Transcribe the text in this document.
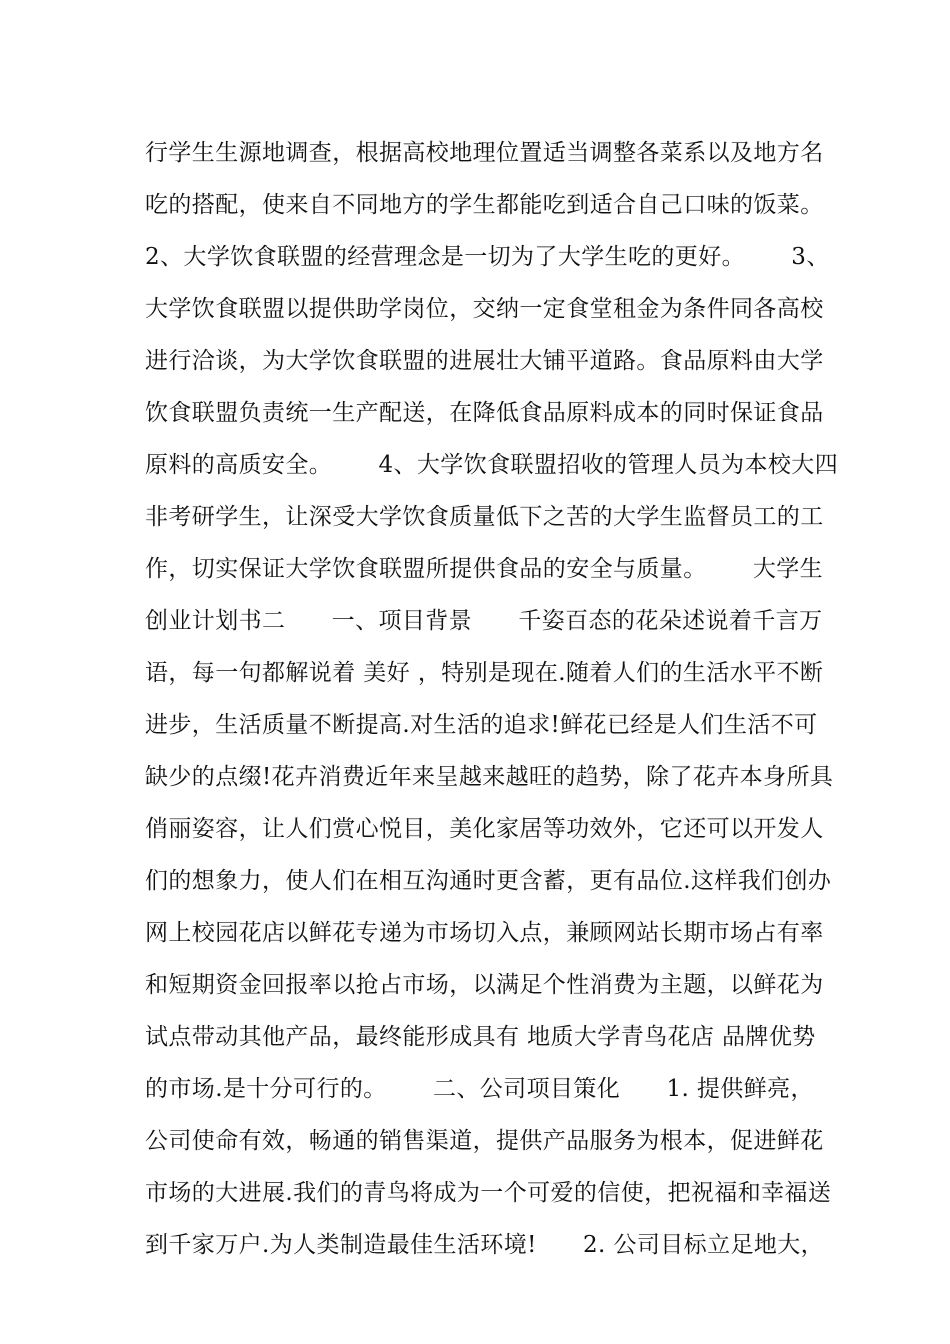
行学生生源地调查，根据高校地理位置适当调整各菜系以及地方名
吃的搭配，使来自不同地方的学生都能吃到适合自己口味的饭菜。
2、大学饮食联盟的经营理念是一切为了大学生吃的更好。      3、
大学饮食联盟以提供助学岗位，交纳一定食堂租金为条件同各高校
进行洽谈，为大学饮食联盟的进展壮大铺平道路。食品原料由大学
饮食联盟负责统一生产配送，在降低食品原料成本的同时保证食品
原料的高质安全。      4、大学饮食联盟招收的管理人员为本校大四
非考研学生，让深受大学饮食质量低下之苦的大学生监督员工的工
作，切实保证大学饮食联盟所提供食品的安全与质量。      大学生
创业计划书二      一、项目背景      千姿百态的花朵述说着千言万
语，每一句都解说着 美好 ，特别是现在.随着人们的生活水平不断
进步，生活质量不断提高.对生活的追求!鲜花已经是人们生活不可
缺少的点缀!花卉消费近年来呈越来越旺的趋势，除了花卉本身所具
俏丽姿容，让人们赏心悦目，美化家居等功效外，它还可以开发人
们的想象力，使人们在相互沟通时更含蓄，更有品位.这样我们创办
网上校园花店以鲜花专递为市场切入点，兼顾网站长期市场占有率
和短期资金回报率以抢占市场，以满足个性消费为主题，以鲜花为
试点带动其他产品，最终能形成具有 地质大学青鸟花店 品牌优势
的市场.是十分可行的。      二、公司项目策化      1. 提供鲜亮，
公司使命有效，畅通的销售渠道，提供产品服务为根本，促进鲜花
市场的大进展.我们的青鸟将成为一个可爱的信使，把祝福和幸福送
到千家万户.为人类制造最佳生活环境!      2. 公司目标立足地大，
